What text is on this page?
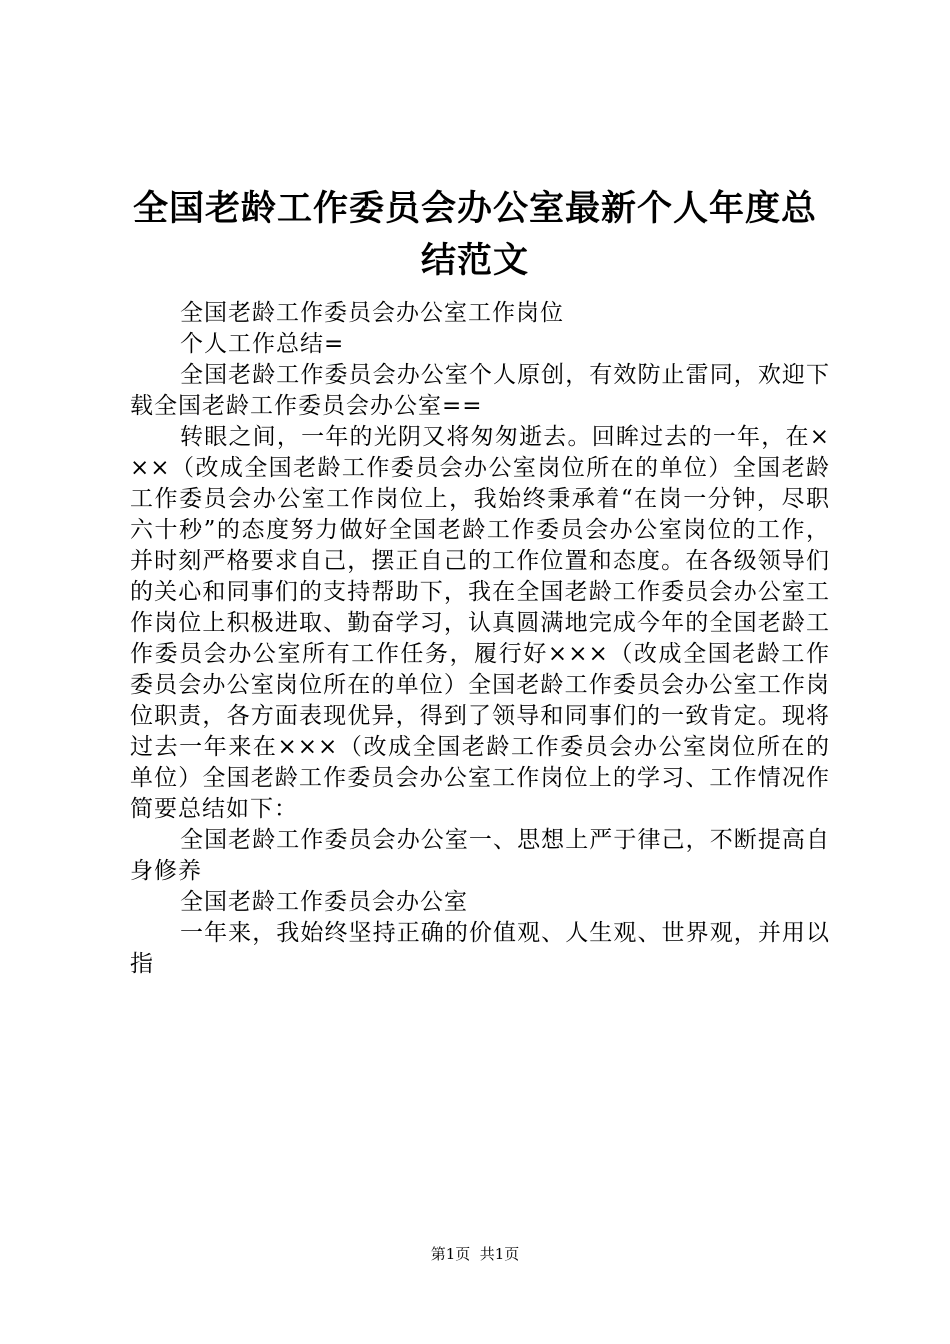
全国老龄工作委员会办公室最新个人年度总结范文

全国老龄工作委员会办公室工作岗位

个人工作总结=

全国老龄工作委员会办公室个人原创，有效防止雷同，欢迎下载全国老龄工作委员会办公室==

转眼之间，一年的光阴又将匆匆逝去。回眸过去的一年，在×××（改成全国老龄工作委员会办公室岗位所在的单位）全国老龄工作委员会办公室工作岗位上，我始终秉承着“在岗一分钟，尽职六十秒”的态度努力做好全国老龄工作委员会办公室岗位的工作，并时刻严格要求自己，摆正自己的工作位置和态度。在各级领导们的关心和同事们的支持帮助下，我在全国老龄工作委员会办公室工作岗位上积极进取、勤奋学习，认真圆满地完成今年的全国老龄工作委员会办公室所有工作任务，履行好×××（改成全国老龄工作委员会办公室岗位所在的单位）全国老龄工作委员会办公室工作岗位职责，各方面表现优异，得到了领导和同事们的一致肯定。现将过去一年来在×××（改成全国老龄工作委员会办公室岗位所在的单位）全国老龄工作委员会办公室工作岗位上的学习、工作情况作简要总结如下：

全国老龄工作委员会办公室一、思想上严于律己，不断提高自身修养

全国老龄工作委员会办公室

一年来，我始终坚持正确的价值观、人生观、世界观，并用以指

第1页  共1页
